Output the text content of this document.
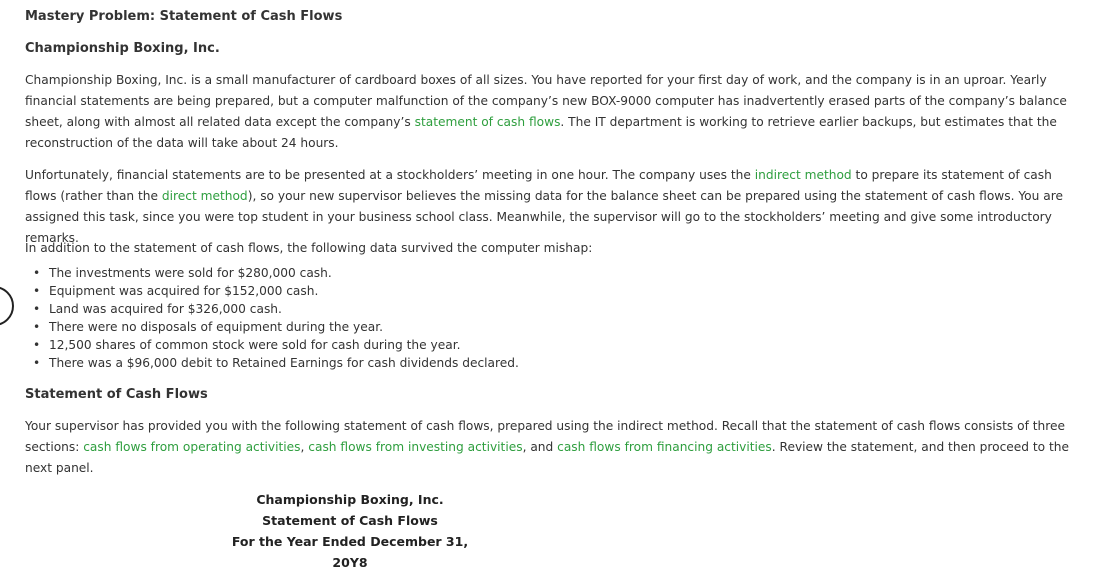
Mastery Problem: Statement of Cash Flows
Championship Boxing, Inc.

Championship Boxing, Inc. is a small manufacturer of cardboard boxes of all sizes. You have reported for your first day of work, and the company is in an uproar. Yearly financial statements are being prepared, but a computer malfunction of the company’s new BOX-9000 computer has inadvertently erased parts of the company’s balance sheet, along with almost all related data except the company’s statement of cash flows. The IT department is working to retrieve earlier backups, but estimates that the reconstruction of the data will take about 24 hours.

Unfortunately, financial statements are to be presented at a stockholders’ meeting in one hour. The company uses the indirect method to prepare its statement of cash flows (rather than the direct method), so your new supervisor believes the missing data for the balance sheet can be prepared using the statement of cash flows. You are assigned this task, since you were top student in your business school class. Meanwhile, the supervisor will go to the stockholders’ meeting and give some introductory remarks.

In addition to the statement of cash flows, the following data survived the computer mishap:

• The investments were sold for $280,000 cash.
• Equipment was acquired for $152,000 cash.
• Land was acquired for $326,000 cash.
• There were no disposals of equipment during the year.
• 12,500 shares of common stock were sold for cash during the year.
• There was a $96,000 debit to Retained Earnings for cash dividends declared.
Statement of Cash Flows

Your supervisor has provided you with the following statement of cash flows, prepared using the indirect method. Recall that the statement of cash flows consists of three sections: cash flows from operating activities, cash flows from investing activities, and cash flows from financing activities. Review the statement, and then proceed to the next panel.

Championship Boxing, Inc.
Statement of Cash Flows
For the Year Ended December 31, 20Y8
